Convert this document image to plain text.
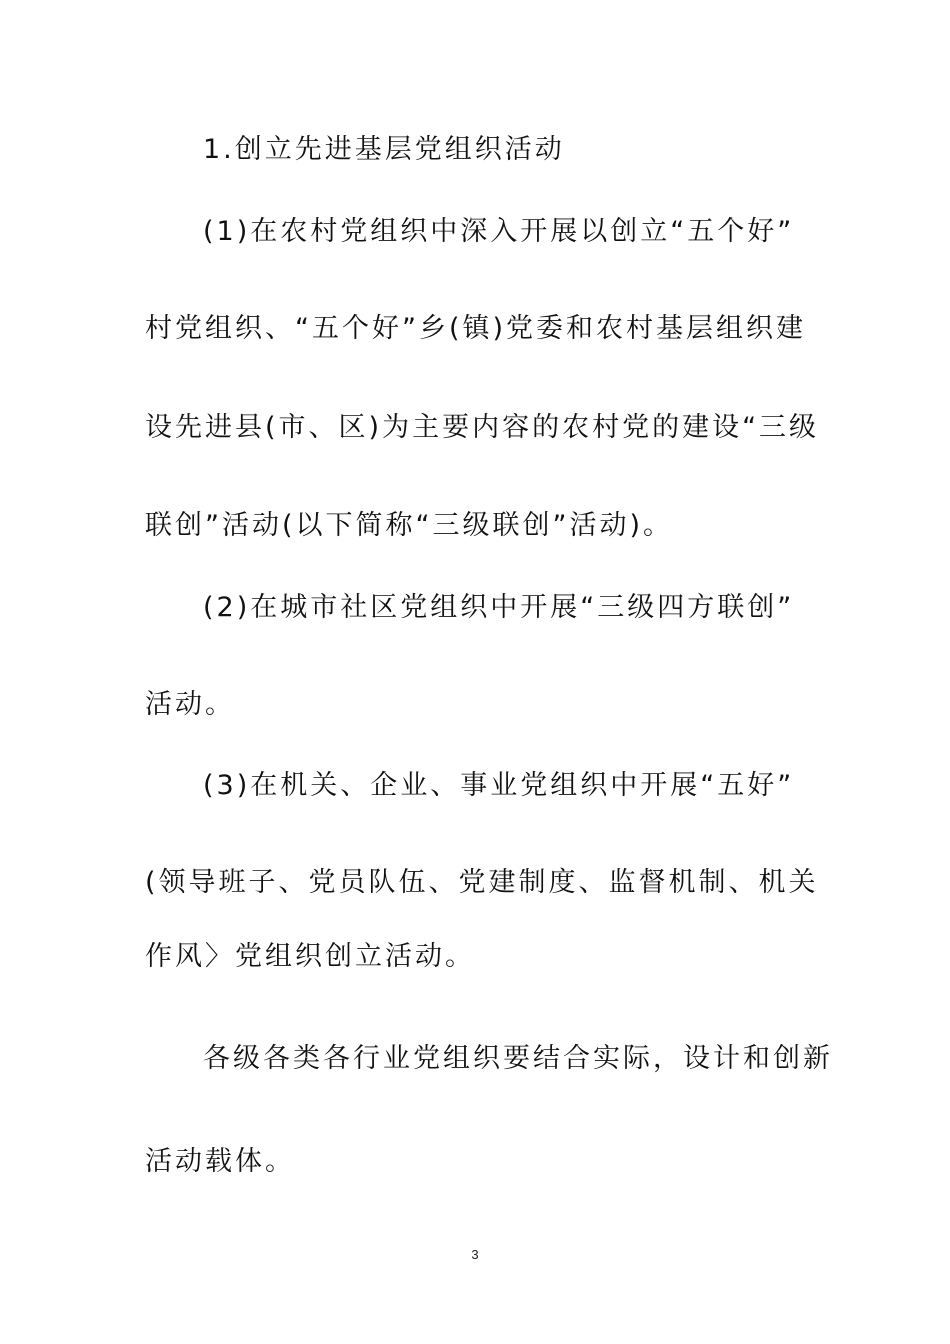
1.创立先进基层党组织活动
(1)在农村党组织中深入开展以创立“五个好”
村党组织、“五个好”乡(镇)党委和农村基层组织建
设先进县(市、区)为主要内容的农村党的建设“三级
联创”活动(以下简称“三级联创”活动)。
(2)在城市社区党组织中开展“三级四方联创”
活动。
(3)在机关、企业、事业党组织中开展“五好”
(领导班子、党员队伍、党建制度、监督机制、机关
作风〉党组织创立活动。
各级各类各行业党组织要结合实际，设计和创新
活动载体。
3
